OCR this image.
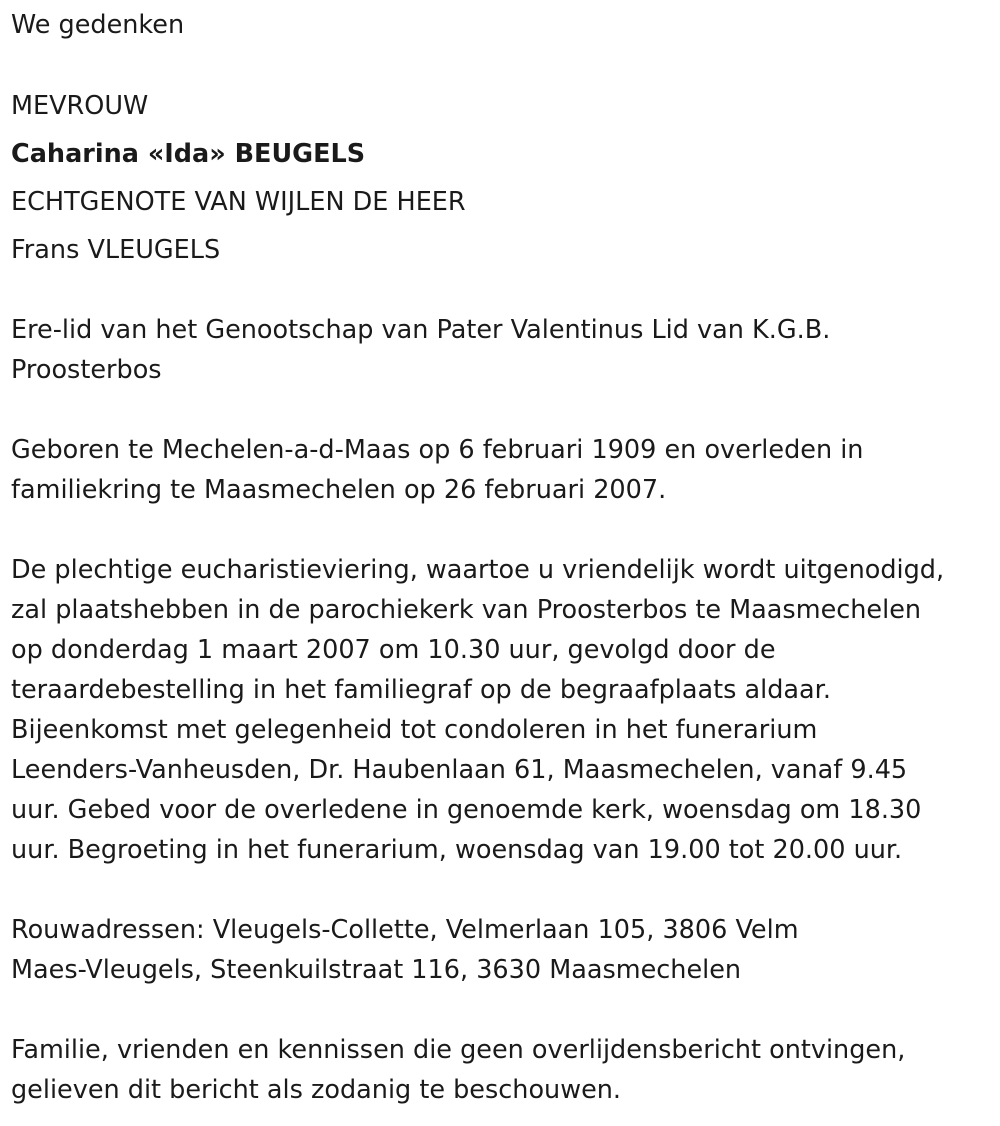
We gedenken
MEVROUW
Caharina «Ida» BEUGELS
ECHTGENOTE VAN WIJLEN DE HEER
Frans VLEUGELS
Ere-lid van het Genootschap van Pater Valentinus Lid van K.G.B.
Proosterbos
Geboren te Mechelen-a-d-Maas op 6 februari 1909 en overleden in
familiekring te Maasmechelen op 26 februari 2007.
De plechtige eucharistieviering, waartoe u vriendelijk wordt uitgenodigd,
zal plaatshebben in de parochiekerk van Proosterbos te Maasmechelen
op donderdag 1 maart 2007 om 10.30 uur, gevolgd door de
teraardebestelling in het familiegraf op de begraafplaats aldaar.
Bijeenkomst met gelegenheid tot condoleren in het funerarium
Leenders-Vanheusden, Dr. Haubenlaan 61, Maasmechelen, vanaf 9.45
uur. Gebed voor de overledene in genoemde kerk, woensdag om 18.30
uur. Begroeting in het funerarium, woensdag van 19.00 tot 20.00 uur.
Rouwadressen: Vleugels-Collette, Velmerlaan 105, 3806 Velm
Maes-Vleugels, Steenkuilstraat 116, 3630 Maasmechelen
Familie, vrienden en kennissen die geen overlijdensbericht ontvingen,
gelieven dit bericht als zodanig te beschouwen.
